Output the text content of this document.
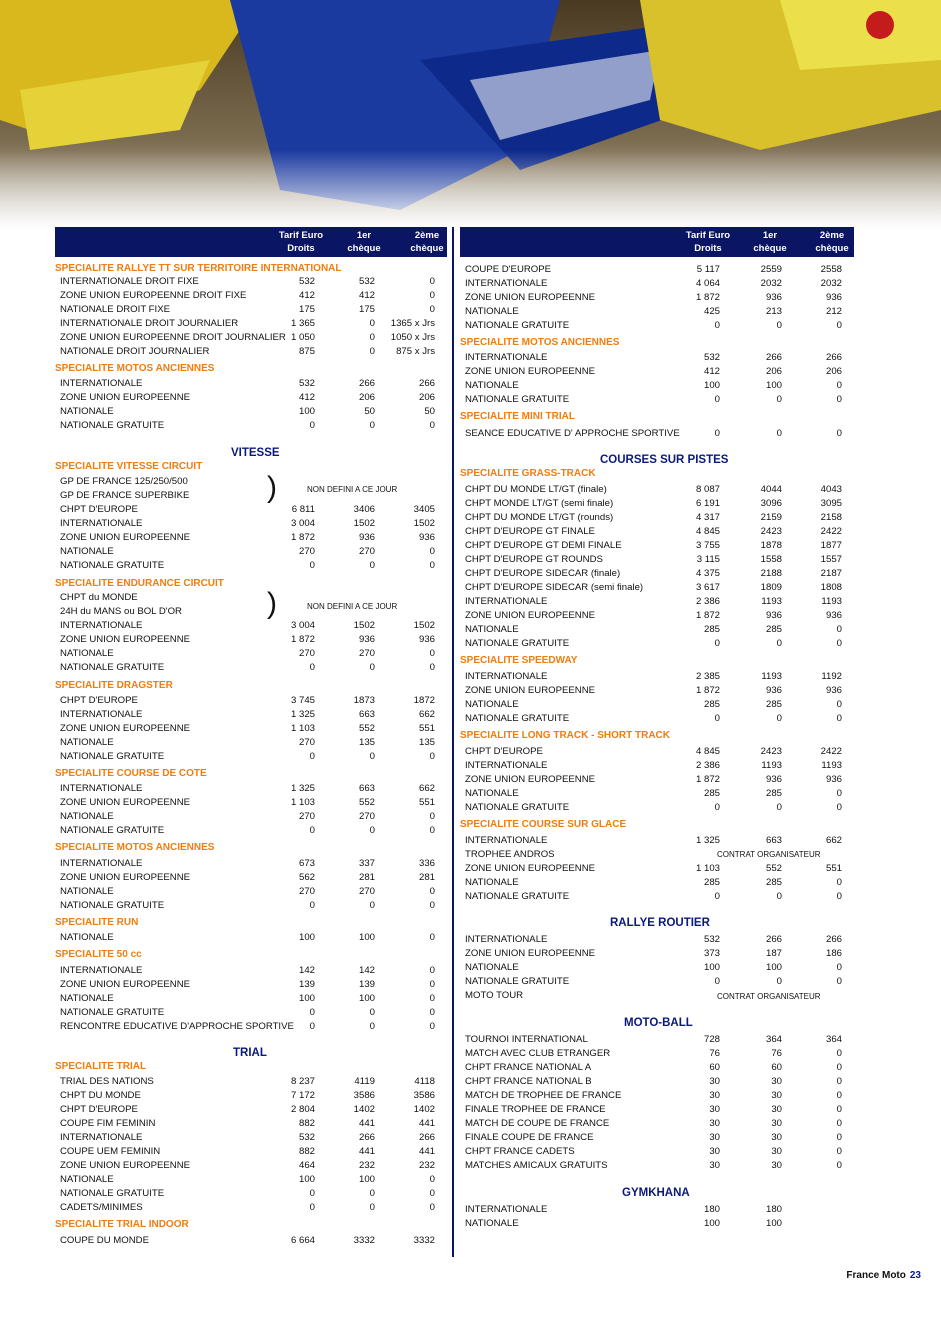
Tarif Euro
Droits
1er
chèque
2ème
chèque
)
)
SPECIALITE RALLYE TT SUR TERRITOIRE INTERNATIONAL
INTERNATIONALE DROIT FIXE	532	532	0
ZONE UNION EUROPEENNE DROIT FIXE	412	412	0
NATIONALE DROIT FIXE	175	175	0
INTERNATIONALE DROIT JOURNALIER	1 365	0	1365 x Jrs
ZONE UNION EUROPEENNE DROIT JOURNALIER 1 050	0	1050 x Jrs
NATIONALE DROIT JOURNALIER	875	0	875 x Jrs
SPECIALITE MOTOS ANCIENNES
INTERNATIONALE	532	266	266
ZONE UNION EUROPEENNE	412	206	206
NATIONALE	100	50	50
NATIONALE GRATUITE	0	0	0
VITESSE
SPECIALITE VITESSE CIRCUIT
GP DE FRANCE 125/250/500
GP DE FRANCE SUPERBIKE
NON DEFINI A CE JOUR
CHPT D'EUROPE	6 811	3406	3405
INTERNATIONALE	3 004	1502	1502
ZONE UNION EUROPEENNE	1 872	936	936
NATIONALE	270	270	0
NATIONALE GRATUITE	0	0	0
SPECIALITE ENDURANCE CIRCUIT
CHPT du MONDE
24H du MANS ou BOL D'OR	NON DEFINI A CE JOUR
INTERNATIONALE	3 004	1502	1502
ZONE UNION EUROPEENNE	1 872	936	936
NATIONALE	270	270	0
NATIONALE GRATUITE	0	0	0
SPECIALITE DRAGSTER
CHPT D'EUROPE	3 745	1873	1872
INTERNATIONALE	1 325	663	662
ZONE UNION EUROPEENNE	1 103	552	551
NATIONALE	270	135	135
NATIONALE GRATUITE	0	0	0
SPECIALITE COURSE DE COTE
INTERNATIONALE	1 325	663	662
ZONE UNION EUROPEENNE	1 103	552	551
NATIONALE	270	270	0
NATIONALE GRATUITE	0	0	0
SPECIALITE MOTOS ANCIENNES
INTERNATIONALE	673	337	336
ZONE UNION EUROPEENNE	562	281	281
NATIONALE	270	270	0
NATIONALE GRATUITE	0	0	0
SPECIALITE RUN
NATIONALE	100	100	0
SPECIALITE 50 cc
INTERNATIONALE	142	142	0
ZONE UNION EUROPEENNE	139	139	0
NATIONALE	100	100	0
NATIONALE GRATUITE	0	0	0
RENCONTRE EDUCATIVE D'APPROCHE SPORTIVE	0	0	0
TRIAL
SPECIALITE TRIAL
TRIAL DES NATIONS	8 237	4119	4118
CHPT DU MONDE	7 172	3586	3586
CHPT D'EUROPE	2 804	1402	1402
COUPE FIM FEMININ	882	441	441
INTERNATIONALE	532	266	266
COUPE UEM FEMININ	882	441	441
ZONE UNION EUROPEENNE	464	232	232
NATIONALE	100	100	0
NATIONALE GRATUITE	0	0	0
CADETS/MINIMES	0	0	0
SPECIALITE TRIAL INDOOR
COUPE DU MONDE	6 664	3332	3332
Tarif Euro
Droits
1er
chèque
2ème
chèque
COUPE D'EUROPE	5 117	2559	2558
INTERNATIONALE	4 064	2032	2032
ZONE UNION EUROPEENNE	1 872	936	936
NATIONALE	425	213	212
NATIONALE GRATUITE	0	0	0
SPECIALITE MOTOS ANCIENNES
INTERNATIONALE	532	266	266
ZONE UNION EUROPEENNE	412	206	206
NATIONALE	100	100	0
NATIONALE GRATUITE	0	0	0
SPECIALITE MINI TRIAL
SEANCE EDUCATIVE D' APPROCHE SPORTIVE	0	0	0
COURSES SUR PISTES
SPECIALITE GRASS-TRACK
CHPT DU MONDE LT/GT (finale)	8 087	4044	4043
CHPT MONDE LT/GT (semi finale)	6 191	3096	3095
CHPT DU MONDE LT/GT (rounds)	4 317	2159	2158
CHPT D'EUROPE GT FINALE	4 845	2423	2422
CHPT D'EUROPE GT DEMI FINALE	3 755	1878	1877
CHPT D'EUROPE GT ROUNDS	3 115	1558	1557
CHPT D'EUROPE SIDECAR (finale)	4 375	2188	2187
CHPT D'EUROPE SIDECAR (semi finale)	3 617	1809	1808
INTERNATIONALE	2 386	1193	1193
ZONE UNION EUROPEENNE	1 872	936	936
NATIONALE	285	285	0
NATIONALE GRATUITE	0	0	0
SPECIALITE SPEEDWAY
INTERNATIONALE	2 385	1193	1192
ZONE UNION EUROPEENNE	1 872	936	936
NATIONALE	285	285	0
NATIONALE GRATUITE	0	0	0
SPECIALITE LONG TRACK - SHORT TRACK
CHPT D'EUROPE	4 845	2423	2422
INTERNATIONALE	2 386	1193	1193
ZONE UNION EUROPEENNE	1 872	936	936
NATIONALE	285	285	0
NATIONALE GRATUITE	0	0	0
SPECIALITE COURSE SUR GLACE
INTERNATIONALE	1 325	663	662
TROPHEE ANDROS	CONTRAT ORGANISATEUR
ZONE UNION EUROPEENNE	1 103	552	551
NATIONALE	285	285	0
NATIONALE GRATUITE	0	0	0
RALLYE ROUTIER
INTERNATIONALE	532	266	266
ZONE UNION EUROPEENNE	373	187	186
NATIONALE	100	100	0
NATIONALE GRATUITE	0	0	0
MOTO TOUR	CONTRAT ORGANISATEUR
MOTO-BALL
TOURNOI INTERNATIONAL	728	364	364
MATCH AVEC CLUB ETRANGER	76	76	0
CHPT FRANCE NATIONAL A	60	60	0
CHPT FRANCE NATIONAL B	30	30	0
MATCH DE TROPHEE DE FRANCE	30	30	0
FINALE TROPHEE DE FRANCE	30	30	0
MATCH DE COUPE DE FRANCE	30	30	0
FINALE COUPE DE FRANCE	30	30	0
CHPT FRANCE CADETS	30	30	0
MATCHES AMICAUX GRATUITS	30	30	0
GYMKHANA
INTERNATIONALE	180	180
NATIONALE	100	100
France Moto 23
